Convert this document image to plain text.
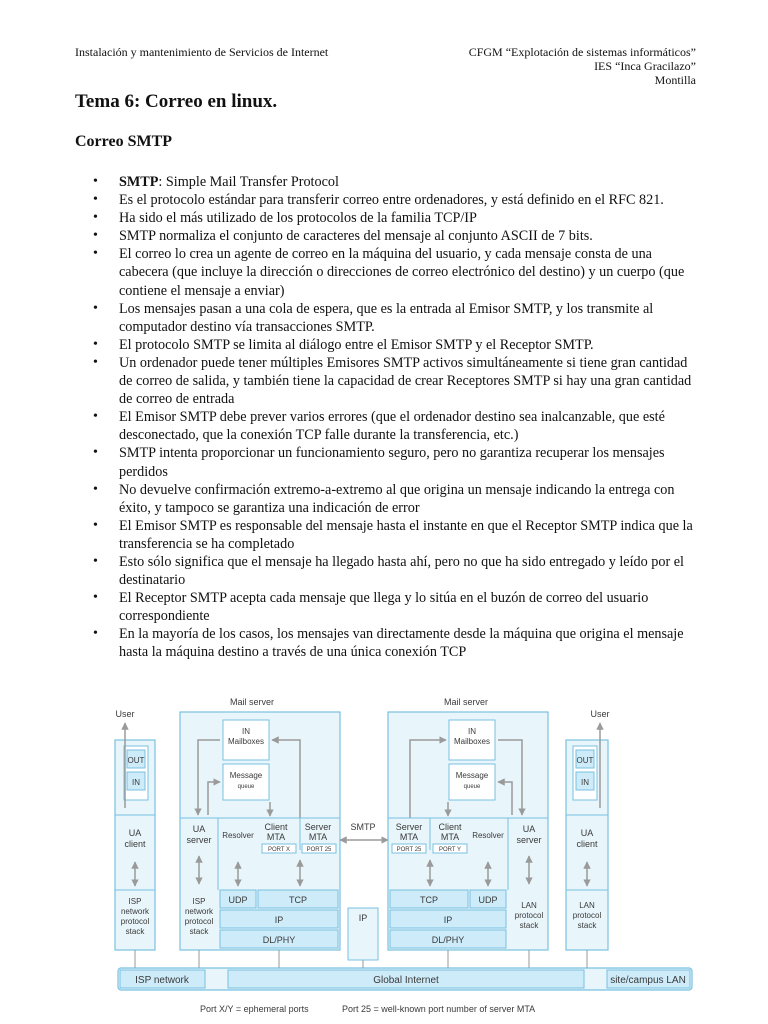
Instalación y mantenimiento de Servicios de Internet	CFGM “Explotación de sistemas informáticos”
IES “Inca Gracilazo”
Montilla
Tema 6: Correo en linux.
Correo SMTP
• SMTP: Simple Mail Transfer Protocol
• Es el protocolo estándar para transferir correo entre ordenadores, y está definido en el RFC 821.
• Ha sido el más utilizado de los protocolos de la familia TCP/IP
• SMTP normaliza el conjunto de caracteres del mensaje al conjunto ASCII de 7 bits.
• El correo lo crea un agente de correo en la máquina del usuario, y cada mensaje consta de una cabecera (que incluye la dirección o direcciones de correo electrónico del destino) y un cuerpo (que contiene el mensaje a enviar)
• Los mensajes pasan a una cola de espera, que es la entrada al Emisor SMTP, y los transmite al computador destino vía transacciones SMTP.
• El protocolo SMTP se limita al diálogo entre el Emisor SMTP y el Receptor SMTP.
• Un ordenador puede tener múltiples Emisores SMTP activos simultáneamente si tiene gran cantidad de correo de salida, y también tiene la capacidad de crear Receptores SMTP si hay una gran cantidad de correo de entrada
• El Emisor SMTP debe prever varios errores (que el ordenador destino sea inalcanzable, que esté desconectado, que la conexión TCP falle durante la transferencia, etc.)
• SMTP intenta proporcionar un funcionamiento seguro, pero no garantiza recuperar los mensajes perdidos
• No devuelve confirmación extremo-a-extremo al que origina un mensaje indicando la entrega con éxito, y tampoco se garantiza una indicación de error
• El Emisor SMTP es responsable del mensaje hasta el instante en que el Receptor SMTP indica que la transferencia se ha completado
• Esto sólo significa que el mensaje ha llegado hasta ahí, pero no que ha sido entregado y leído por el destinatario
• El Receptor SMTP acepta cada mensaje que llega y lo sitúa en el buzón de correo del usuario correspondiente
• En la mayoría de los casos, los mensajes van directamente desde la máquina que origina el mensaje hasta la máquina destino a través de una única conexión TCP
ISP network	Global Internet	site/campus LAN
User
OUT
IN
UA client
ISP network protocol stack
Mail server
IN Mailboxes
Message queue
UA server Resolver
Client MTA
Server MTA
PORT X	PORT 25
UDP	TCP
IP
DL/PHY
ISP network protocol stack
SMTP
IP
Mail server
IN Mailboxes
Message queue
Server MTA
Client MTA	Resolver
UA server
PORT 25	PORT Y
TCP	UDP
IP
DL/PHY
LAN protocol stack
User
OUT
IN
UA client
LAN protocol stack
Port X/Y = ephemeral ports	Port 25 = well-known port number of server MTA
